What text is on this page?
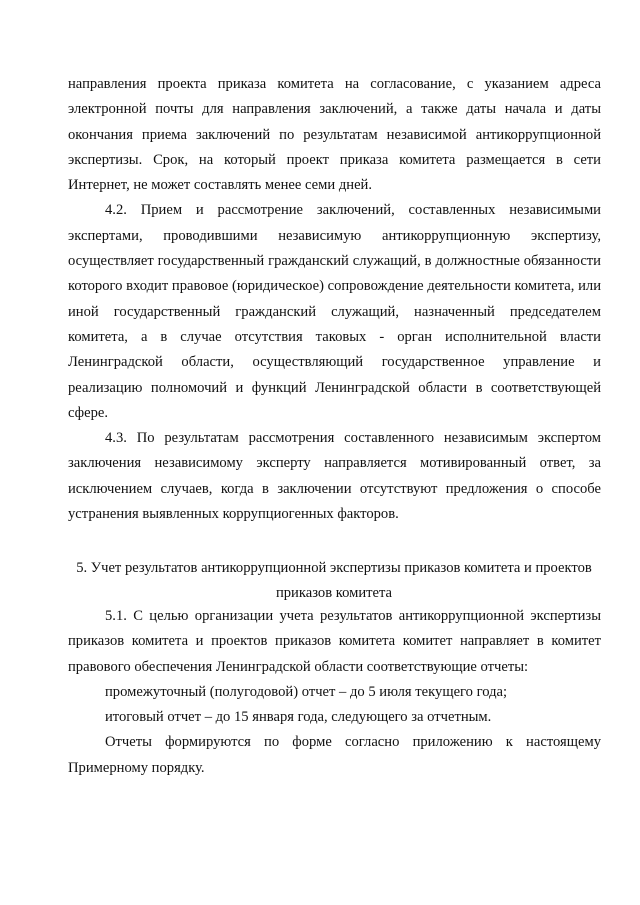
направления проекта приказа комитета на согласование, с указанием адреса электронной почты для направления заключений, а также даты начала и даты окончания приема заключений по результатам независимой антикоррупционной экспертизы. Срок, на который проект приказа комитета размещается в сети Интернет, не может составлять менее семи дней.

4.2. Прием и рассмотрение заключений, составленных независимыми экспертами, проводившими независимую антикоррупционную экспертизу, осуществляет государственный гражданский служащий, в должностные обязанности которого входит правовое (юридическое) сопровождение деятельности комитета, или иной государственный гражданский служащий, назначенный председателем комитета, а в случае отсутствия таковых - орган исполнительной власти Ленинградской области, осуществляющий государственное управление и реализацию полномочий и функций Ленинградской области в соответствующей сфере.

4.3. По результатам рассмотрения составленного независимым экспертом заключения независимому эксперту направляется мотивированный ответ, за исключением случаев, когда в заключении отсутствуют предложения о способе устранения выявленных коррупциогенных факторов.

5. Учет результатов антикоррупционной экспертизы приказов комитета и проектов

приказов комитета

5.1. С целью организации учета результатов антикоррупционной экспертизы приказов комитета и проектов приказов комитета комитет направляет в комитет правового обеспечения Ленинградской области соответствующие отчеты:

промежуточный (полугодовой) отчет – до 5 июля текущего года;

итоговый отчет – до 15 января года, следующего за отчетным.

Отчеты формируются по форме согласно приложению к настоящему Примерному порядку.
